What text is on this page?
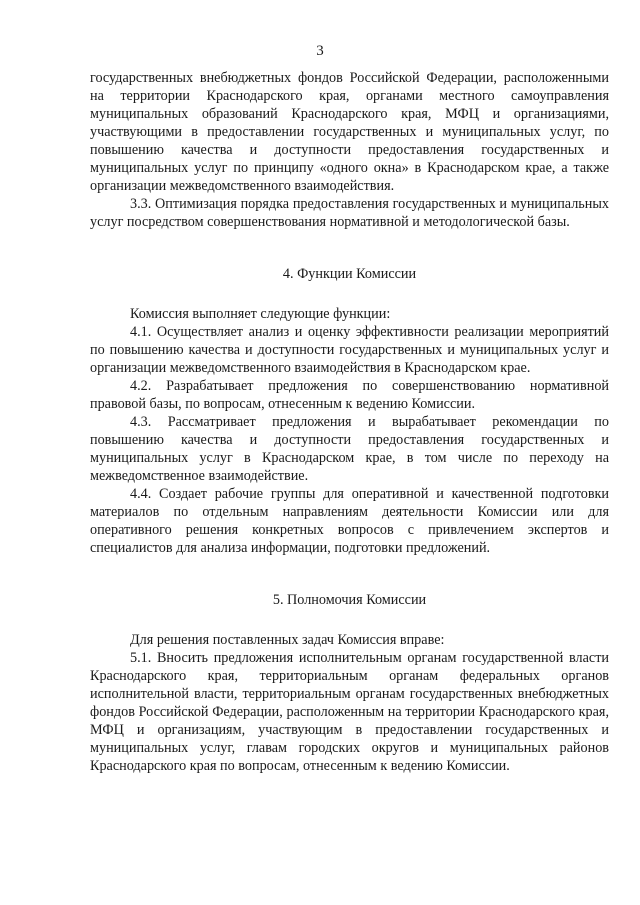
3

государственных внебюджетных фондов Российской Федерации, расположенными на территории Краснодарского края, органами местного самоуправления муниципальных образований Краснодарского края, МФЦ и организациями, участвующими в предоставлении государственных и муниципальных услуг, по повышению качества и доступности предоставления государственных и муниципальных услуг по принципу «одного окна» в Краснодарском крае, а также организации межведомственного взаимодействия.

3.3. Оптимизация порядка предоставления государственных и муниципальных услуг посредством совершенствования нормативной и методологической базы.

4. Функции Комиссии

Комиссия выполняет следующие функции:

4.1. Осуществляет анализ и оценку эффективности реализации мероприятий по повышению качества и доступности государственных и муниципальных услуг и организации межведомственного взаимодействия в Краснодарском крае.

4.2. Разрабатывает предложения по совершенствованию нормативной правовой базы, по вопросам, отнесенным к ведению Комиссии.

4.3. Рассматривает предложения и вырабатывает рекомендации по повышению качества и доступности предоставления государственных и муниципальных услуг в Краснодарском крае, в том числе по переходу на межведомственное взаимодействие.

4.4. Создает рабочие группы для оперативной и качественной подготовки материалов по отдельным направлениям деятельности Комиссии или для оперативного решения конкретных вопросов с привлечением экспертов и специалистов для анализа информации, подготовки предложений.

5. Полномочия Комиссии

Для решения поставленных задач Комиссия вправе:

5.1. Вносить предложения исполнительным органам государственной власти Краснодарского края, территориальным органам федеральных органов исполнительной власти, территориальным органам государственных внебюджетных фондов Российской Федерации, расположенным на территории Краснодарского края, МФЦ и организациям, участвующим в предоставлении государственных и муниципальных услуг, главам городских округов и муниципальных районов Краснодарского края по вопросам, отнесенным к ведению Комиссии.
